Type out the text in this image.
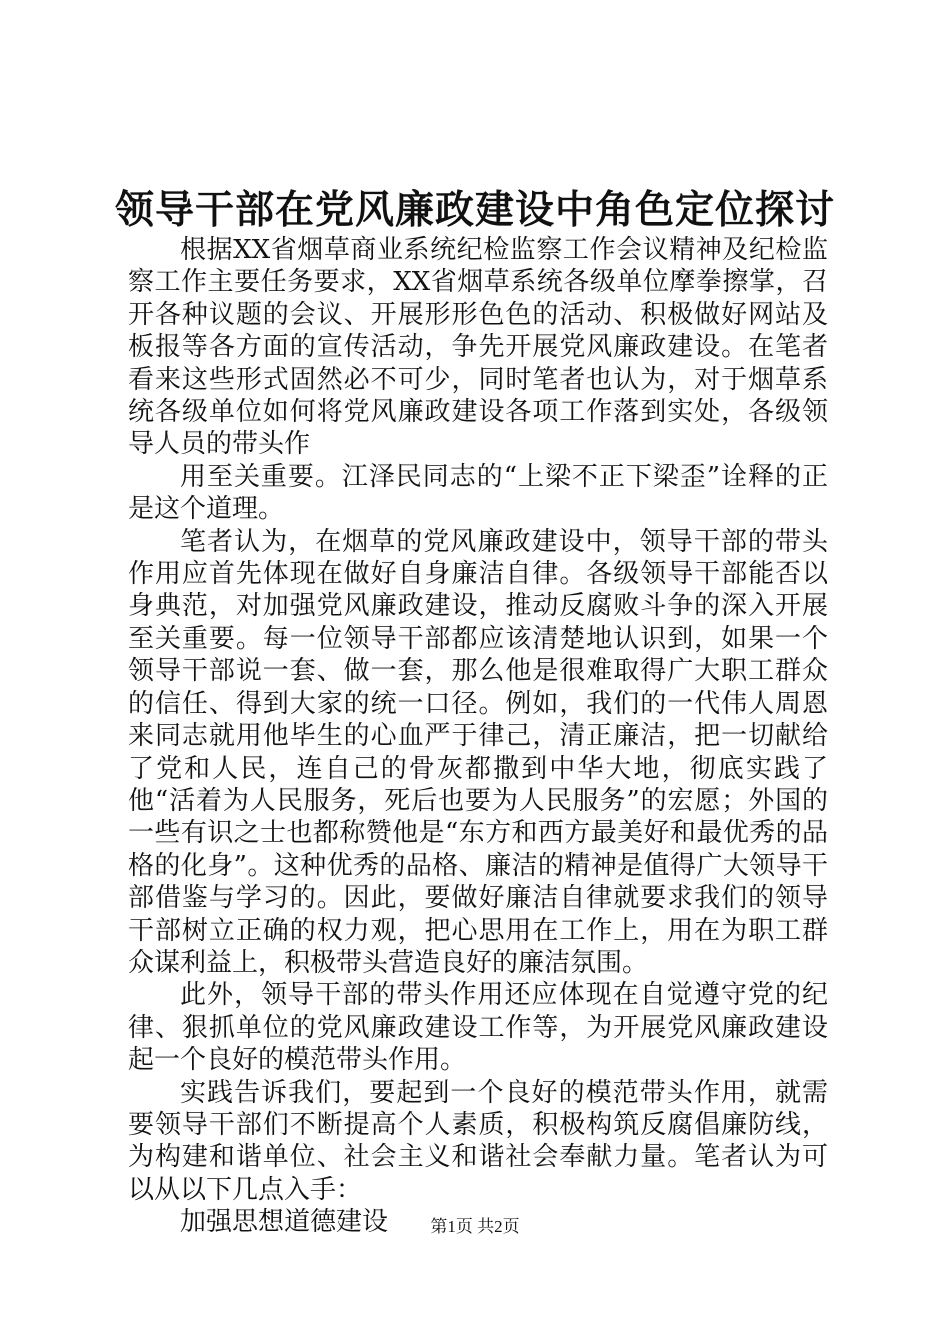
领导干部在党风廉政建设中角色定位探讨

根据XX省烟草商业系统纪检监察工作会议精神及纪检监察工作主要任务要求，XX省烟草系统各级单位摩拳擦掌，召开各种议题的会议、开展形形色色的活动、积极做好网站及板报等各方面的宣传活动，争先开展党风廉政建设。在笔者看来这些形式固然必不可少，同时笔者也认为，对于烟草系统各级单位如何将党风廉政建设各项工作落到实处，各级领导人员的带头作

用至关重要。江泽民同志的“上梁不正下梁歪”诠释的正是这个道理。

笔者认为，在烟草的党风廉政建设中，领导干部的带头作用应首先体现在做好自身廉洁自律。各级领导干部能否以身典范，对加强党风廉政建设，推动反腐败斗争的深入开展至关重要。每一位领导干部都应该清楚地认识到，如果一个领导干部说一套、做一套，那么他是很难取得广大职工群众的信任、得到大家的统一口径。例如，我们的一代伟人周恩来同志就用他毕生的心血严于律己，清正廉洁，把一切献给了党和人民，连自己的骨灰都撒到中华大地，彻底实践了他“活着为人民服务，死后也要为人民服务”的宏愿；外国的一些有识之士也都称赞他是“东方和西方最美好和最优秀的品格的化身”。这种优秀的品格、廉洁的精神是值得广大领导干部借鉴与学习的。因此，要做好廉洁自律就要求我们的领导干部树立正确的权力观，把心思用在工作上，用在为职工群众谋利益上，积极带头营造良好的廉洁氛围。

此外，领导干部的带头作用还应体现在自觉遵守党的纪律、狠抓单位的党风廉政建设工作等，为开展党风廉政建设起一个良好的模范带头作用。

实践告诉我们，要起到一个良好的模范带头作用，就需要领导干部们不断提高个人素质，积极构筑反腐倡廉防线，为构建和谐单位、社会主义和谐社会奉献力量。笔者认为可以从以下几点入手：

加强思想道德建设	第1页 共2页
